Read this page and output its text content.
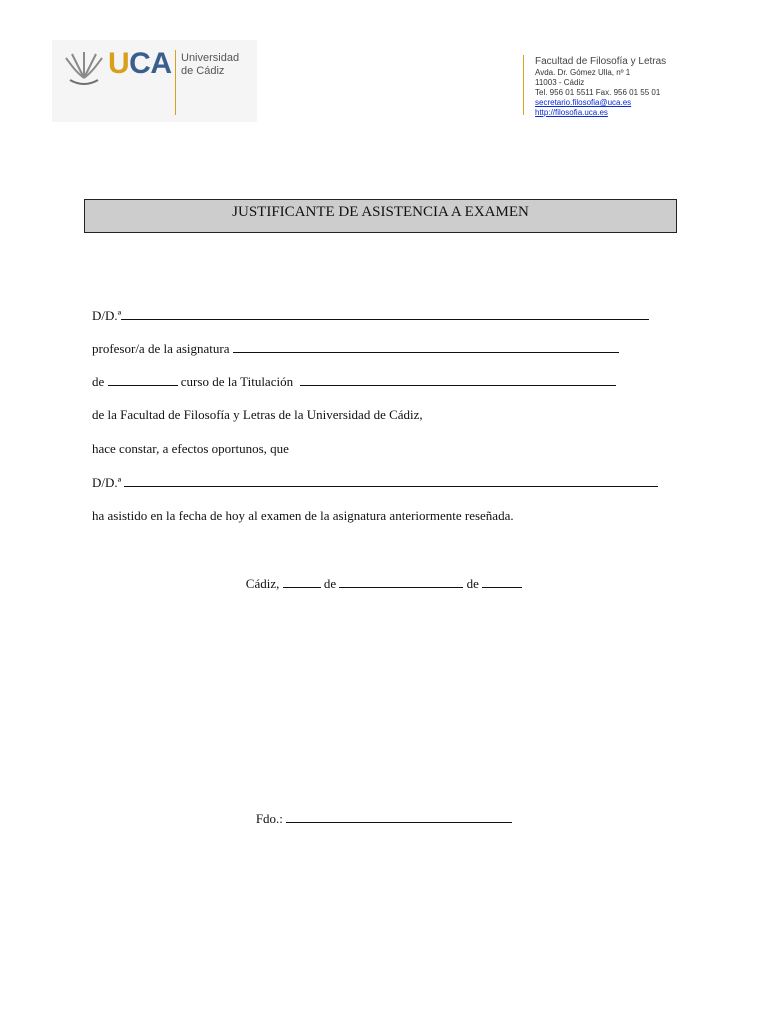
UCA Universidad
de Cádiz
Facultad de Filosofía y Letras
Avda. Dr. Gómez Ulla, nº 1
11003 - Cádiz
Tel. 956 01 5511 Fax. 956 01 55 01
secretario.filosofia@uca.es
http://filosofia.uca.es
JUSTIFICANTE DE ASISTENCIA A EXAMEN
D/D.ª
profesor/a de la asignatura
de	curso de la Titulación
de la Facultad de Filosofía y Letras de la Universidad de Cádiz,
hace constar, a efectos oportunos, que
D/D.ª
ha asistido en la fecha de hoy al examen de la asignatura anteriormente reseñada.
Cádiz,	de	de
Fdo.:
